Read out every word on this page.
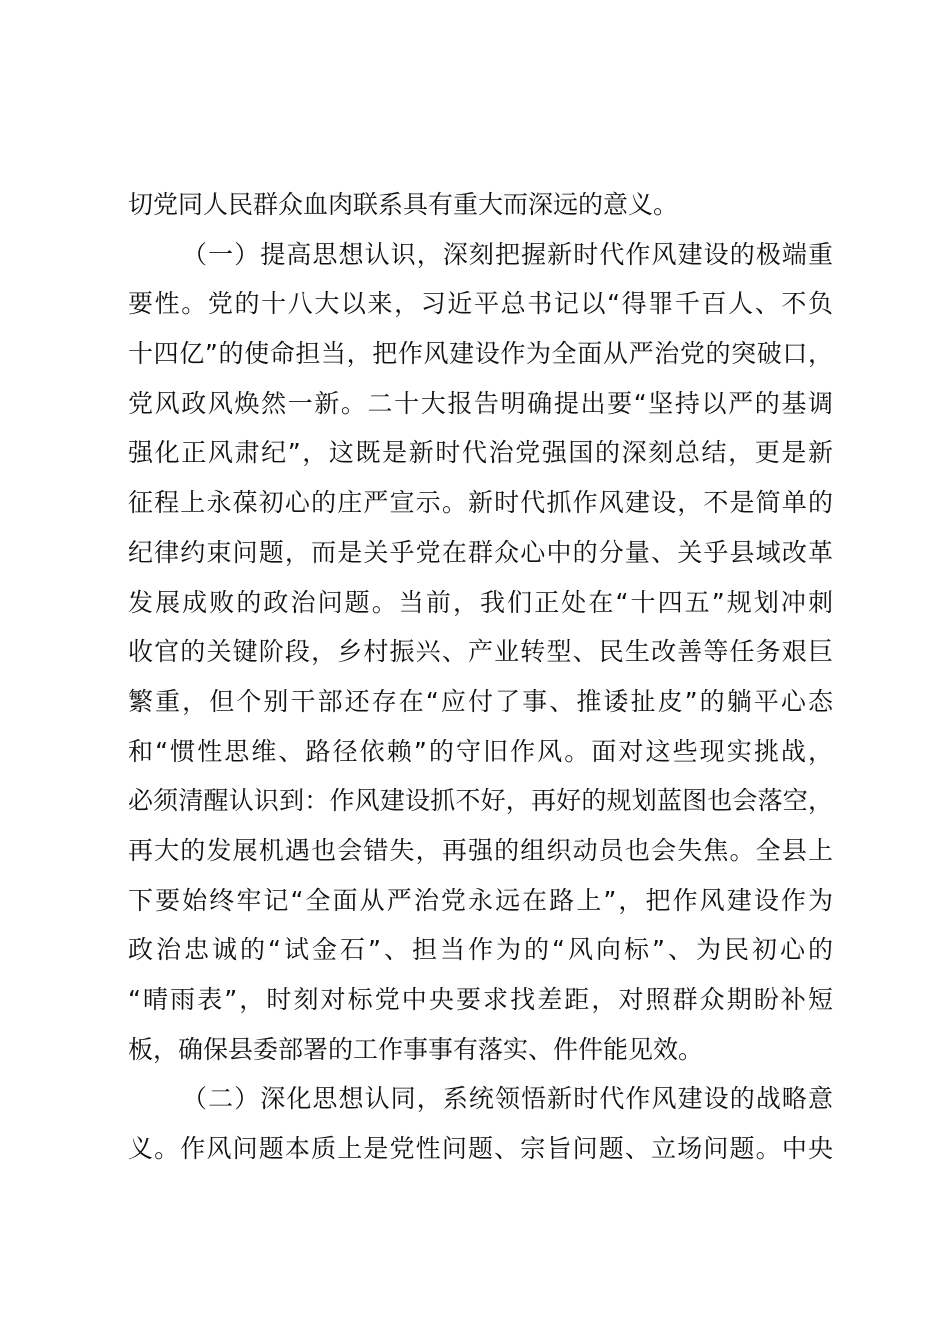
切党同人民群众血肉联系具有重大而深远的意义。
（一）提高思想认识，深刻把握新时代作风建设的极端重
要性。党的十八大以来，习近平总书记以“得罪千百人、不负
十四亿”的使命担当，把作风建设作为全面从严治党的突破口，
党风政风焕然一新。二十大报告明确提出要“坚持以严的基调
强化正风肃纪”，这既是新时代治党强国的深刻总结，更是新
征程上永葆初心的庄严宣示。新时代抓作风建设，不是简单的
纪律约束问题，而是关乎党在群众心中的分量、关乎县域改革
发展成败的政治问题。当前，我们正处在“十四五”规划冲刺
收官的关键阶段，乡村振兴、产业转型、民生改善等任务艰巨
繁重，但个别干部还存在“应付了事、推诿扯皮”的躺平心态
和“惯性思维、路径依赖”的守旧作风。面对这些现实挑战，
必须清醒认识到：作风建设抓不好，再好的规划蓝图也会落空，
再大的发展机遇也会错失，再强的组织动员也会失焦。全县上
下要始终牢记“全面从严治党永远在路上”，把作风建设作为
政治忠诚的“试金石”、担当作为的“风向标”、为民初心的
“晴雨表”，时刻对标党中央要求找差距，对照群众期盼补短
板，确保县委部署的工作事事有落实、件件能见效。
（二）深化思想认同，系统领悟新时代作风建设的战略意
义。作风问题本质上是党性问题、宗旨问题、立场问题。中央
